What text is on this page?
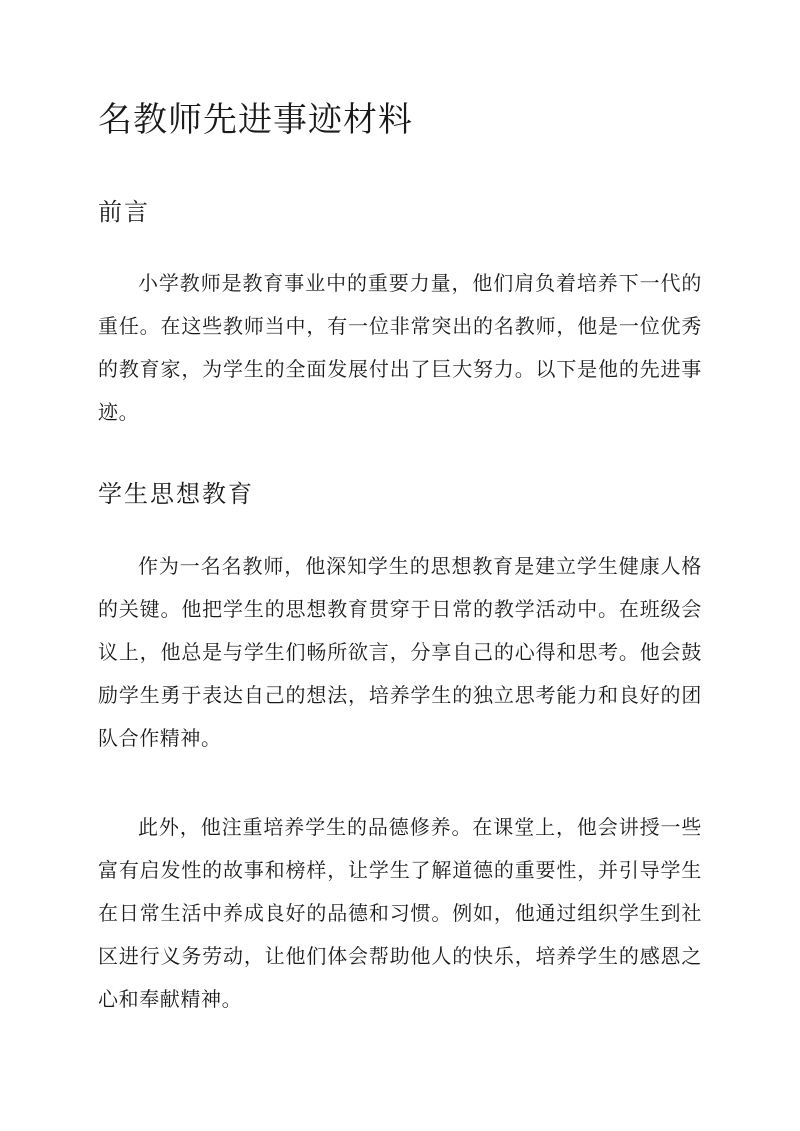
名教师先进事迹材料
前言

小学教师是教育事业中的重要力量，他们肩负着培养下一代的重任。在这些教师当中，有一位非常突出的名教师，他是一位优秀的教育家，为学生的全面发展付出了巨大努力。以下是他的先进事迹。

学生思想教育

作为一名名教师，他深知学生的思想教育是建立学生健康人格的关键。他把学生的思想教育贯穿于日常的教学活动中。在班级会议上，他总是与学生们畅所欲言，分享自己的心得和思考。他会鼓励学生勇于表达自己的想法，培养学生的独立思考能力和良好的团队合作精神。

此外，他注重培养学生的品德修养。在课堂上，他会讲授一些富有启发性的故事和榜样，让学生了解道德的重要性，并引导学生在日常生活中养成良好的品德和习惯。例如，他通过组织学生到社区进行义务劳动，让他们体会帮助他人的快乐，培养学生的感恩之心和奉献精神。
